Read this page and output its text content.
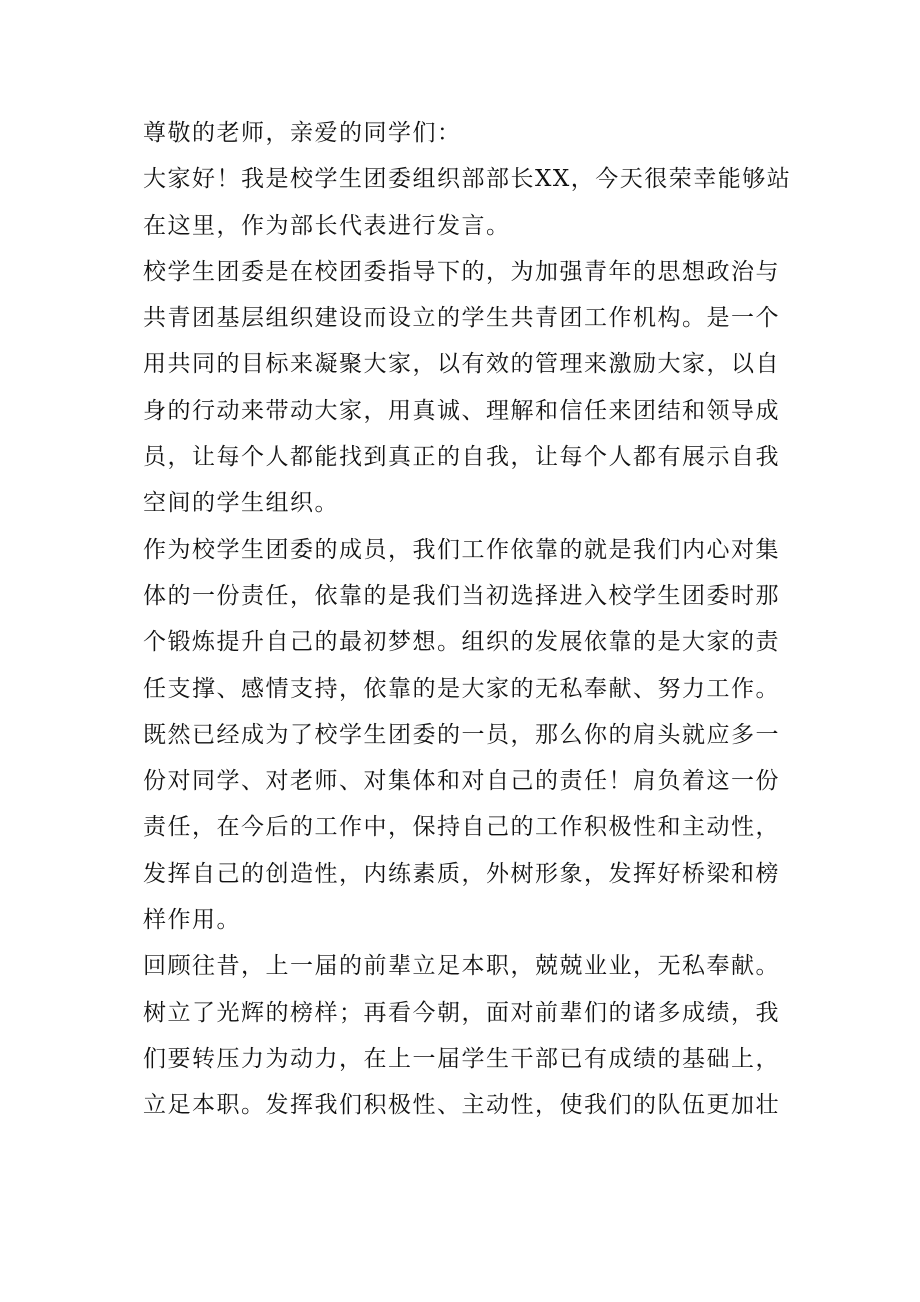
尊敬的老师，亲爱的同学们：
大家好！我是校学生团委组织部部长XX，今天很荣幸能够站
在这里，作为部长代表进行发言。
校学生团委是在校团委指导下的，为加强青年的思想政治与
共青团基层组织建设而设立的学生共青团工作机构。是一个
用共同的目标来凝聚大家，以有效的管理来激励大家，以自
身的行动来带动大家，用真诚、理解和信任来团结和领导成
员，让每个人都能找到真正的自我，让每个人都有展示自我
空间的学生组织。
作为校学生团委的成员，我们工作依靠的就是我们内心对集
体的一份责任，依靠的是我们当初选择进入校学生团委时那
个锻炼提升自己的最初梦想。组织的发展依靠的是大家的责
任支撑、感情支持，依靠的是大家的无私奉献、努力工作。
既然已经成为了校学生团委的一员，那么你的肩头就应多一
份对同学、对老师、对集体和对自己的责任！肩负着这一份
责任，在今后的工作中，保持自己的工作积极性和主动性，
发挥自己的创造性，内练素质，外树形象，发挥好桥梁和榜
样作用。
回顾往昔，上一届的前辈立足本职，兢兢业业，无私奉献。
树立了光辉的榜样；再看今朝，面对前辈们的诸多成绩，我
们要转压力为动力，在上一届学生干部已有成绩的基础上，
立足本职。发挥我们积极性、主动性，使我们的队伍更加壮
